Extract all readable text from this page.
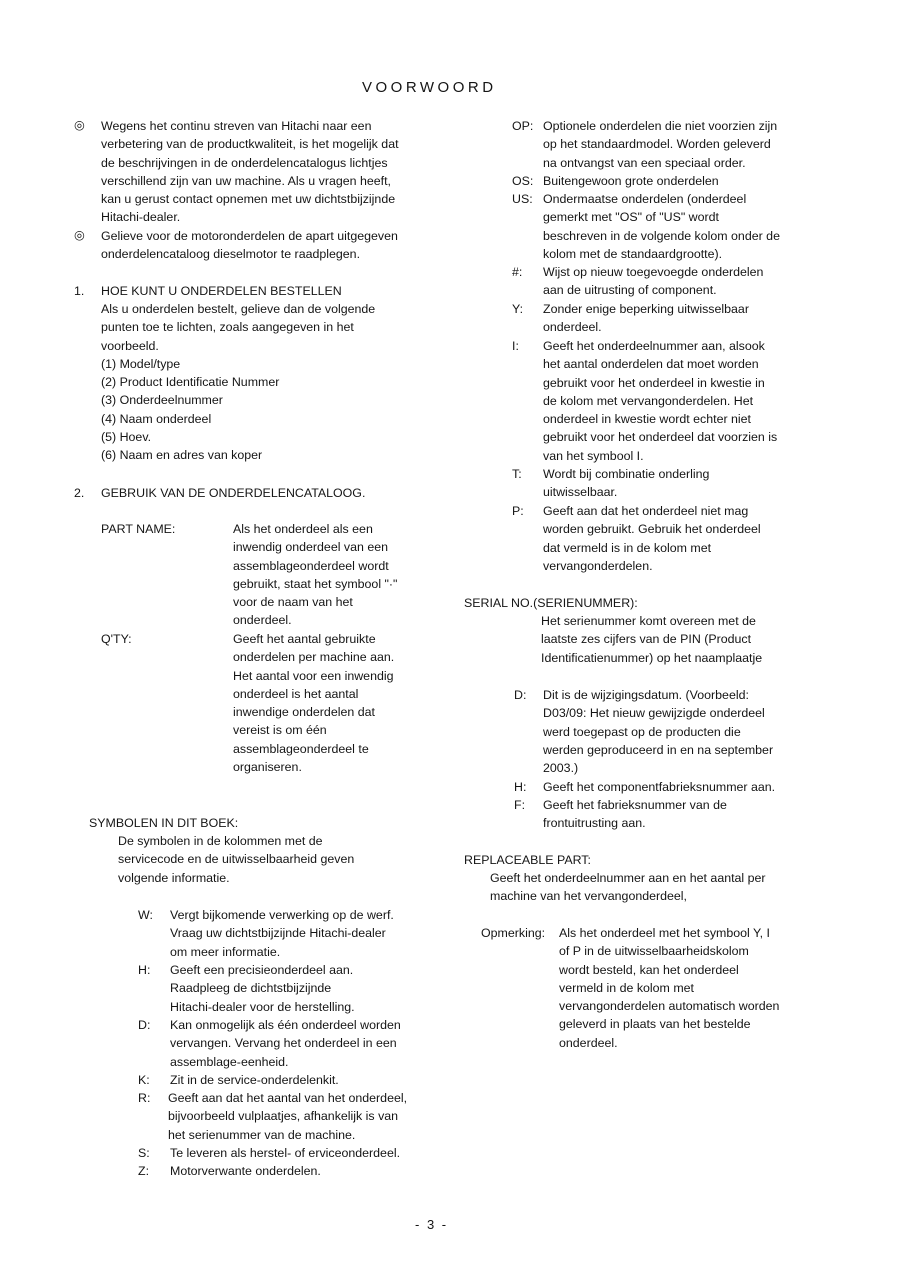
VOORWOORD
◎ Wegens het continu streven van Hitachi naar een
verbetering van de productkwaliteit, is het mogelijk dat
de beschrijvingen in de onderdelencatalogus lichtjes
verschillend zijn van uw machine. Als u vragen heeft,
kan u gerust contact opnemen met uw dichtstbijzijnde
Hitachi-dealer.
◎ Gelieve voor de motoronderdelen de apart uitgegeven
onderdelencataloog dieselmotor te raadplegen.
1. HOE KUNT U ONDERDELEN BESTELLEN
Als u onderdelen bestelt, gelieve dan de volgende
punten toe te lichten, zoals aangegeven in het
voorbeeld.
(1) Model/type
(2) Product Identificatie Nummer
(3) Onderdeelnummer
(4) Naam onderdeel
(5) Hoev.
(6) Naam en adres van koper
2. GEBRUIK VAN DE ONDERDELENCATALOOG.
PART NAME:	Als het onderdeel als een
inwendig onderdeel van een
assemblageonderdeel wordt
gebruikt, staat het symbool "·"
voor de naam van het
onderdeel.
Q'TY:	Geeft het aantal gebruikte
onderdelen per machine aan.
Het aantal voor een inwendig
onderdeel is het aantal
inwendige onderdelen dat
vereist is om één
assemblageonderdeel te
organiseren.
SYMBOLEN IN DIT BOEK:
De symbolen in de kolommen met de
servicecode en de uitwisselbaarheid geven
volgende informatie.
W: Vergt bijkomende verwerking op de werf.
Vraag uw dichtstbijzijnde Hitachi-dealer
om meer informatie.
H: Geeft een precisieonderdeel aan.
Raadpleeg de dichtstbijzijnde
Hitachi-dealer voor de herstelling.
D: Kan onmogelijk als één onderdeel worden
vervangen. Vervang het onderdeel in een
assemblage-eenheid.
K: Zit in de service-onderdelenkit.
R: Geeft aan dat het aantal van het onderdeel,
bijvoorbeeld vulplaatjes, afhankelijk is van
het serienummer van de machine.
S: Te leveren als herstel- of erviceonderdeel.
Z: Motorverwante onderdelen.
OP: Optionele onderdelen die niet voorzien zijn
op het standaardmodel. Worden geleverd
na ontvangst van een speciaal order.
OS: Buitengewoon grote onderdelen
US: Ondermaatse onderdelen (onderdeel
gemerkt met "OS" of "US" wordt
beschreven in de volgende kolom onder de
kolom met de standaardgrootte).
#: Wijst op nieuw toegevoegde onderdelen
aan de uitrusting of component.
Y: Zonder enige beperking uitwisselbaar
onderdeel.
I: Geeft het onderdeelnummer aan, alsook
het aantal onderdelen dat moet worden
gebruikt voor het onderdeel in kwestie in
de kolom met vervangonderdelen. Het
onderdeel in kwestie wordt echter niet
gebruikt voor het onderdeel dat voorzien is
van het symbool I.
T: Wordt bij combinatie onderling
uitwisselbaar.
P: Geeft aan dat het onderdeel niet mag
worden gebruikt. Gebruik het onderdeel
dat vermeld is in de kolom met
vervangonderdelen.
SERIAL NO.(SERIENUMMER):
Het serienummer komt overeen met de
laatste zes cijfers van de PIN (Product
Identificatienummer) op het naamplaatje
D: Dit is de wijzigingsdatum. (Voorbeeld:
D03/09: Het nieuw gewijzigde onderdeel
werd toegepast op de producten die
werden geproduceerd in en na september
2003.)
H: Geeft het componentfabrieksnummer aan.
F: Geeft het fabrieksnummer van de
frontuitrusting aan.
REPLACEABLE PART:
Geeft het onderdeelnummer aan en het aantal per
machine van het vervangonderdeel,
Opmerking: Als het onderdeel met het symbool Y, I
of P in de uitwisselbaarheidskolom
wordt besteld, kan het onderdeel
vermeld in de kolom met
vervangonderdelen automatisch worden
geleverd in plaats van het bestelde
onderdeel.
- 3 -
